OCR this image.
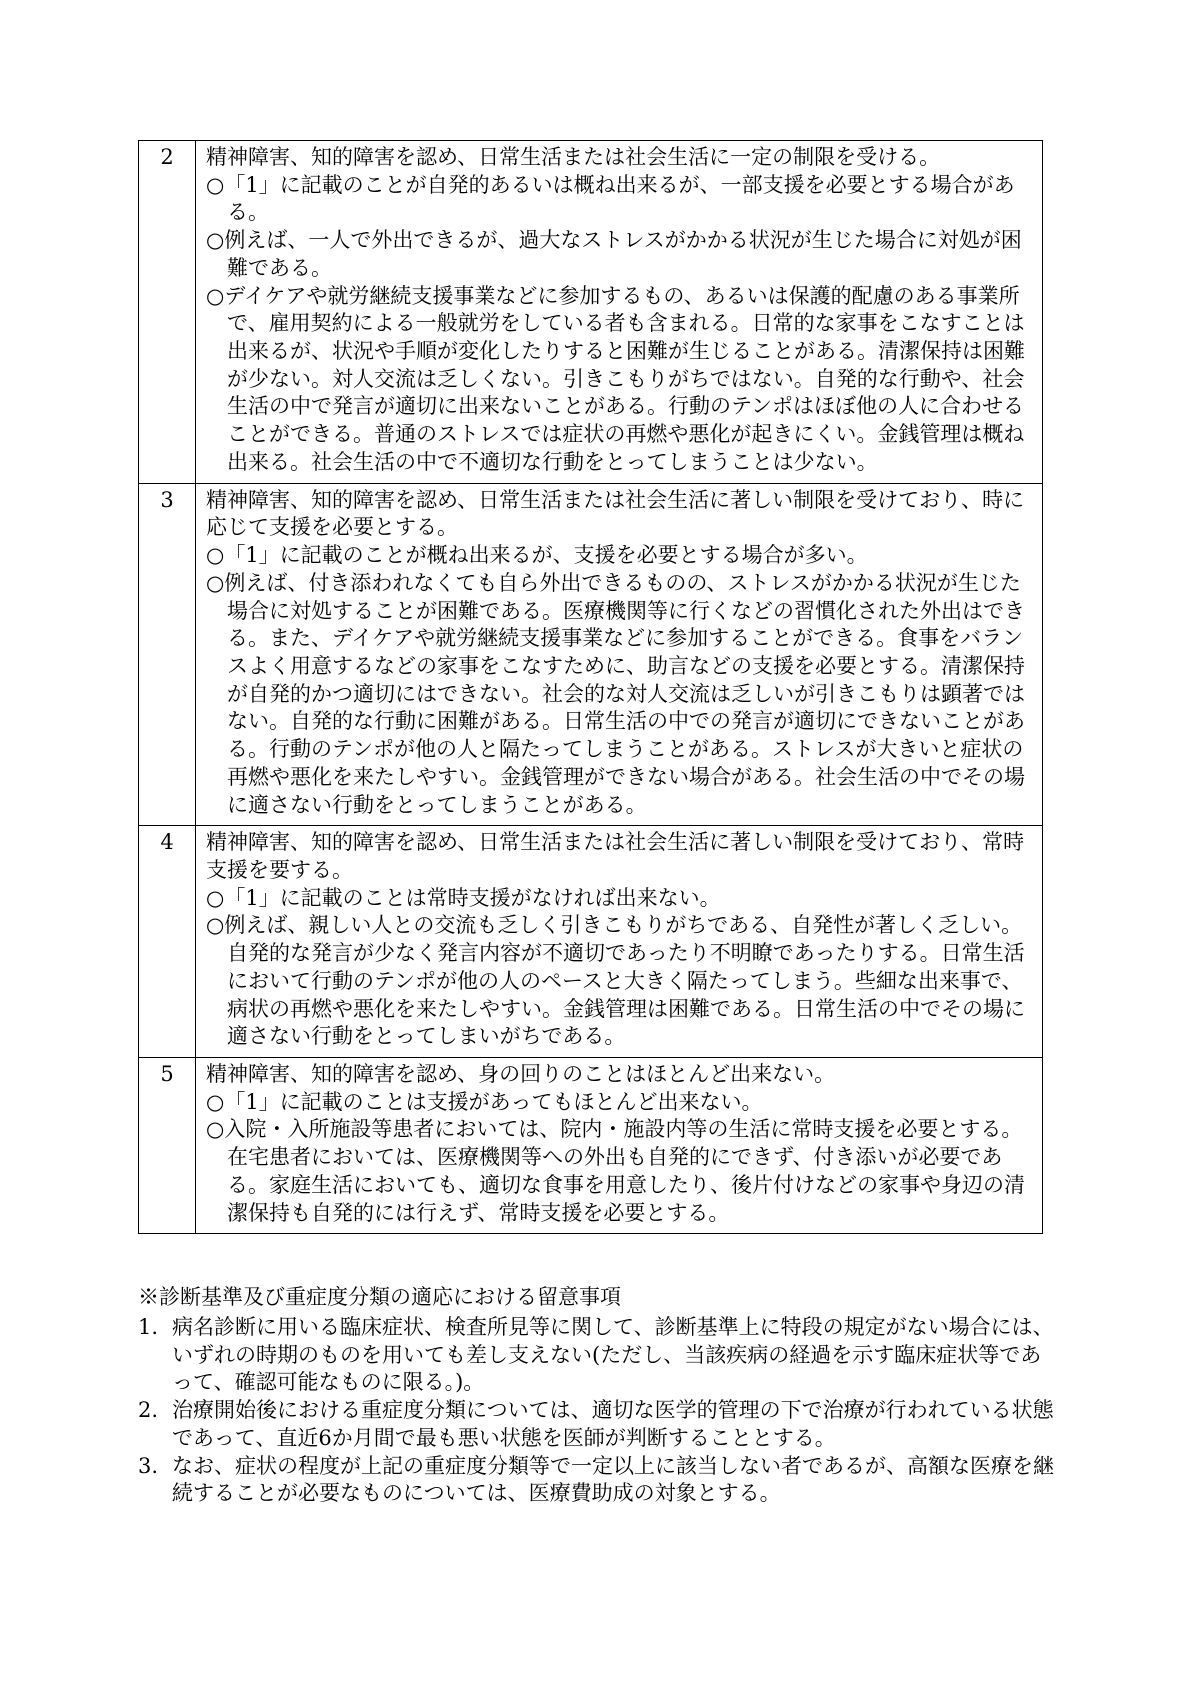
2	精神障害、知的障害を認め、日常生活または社会生活に一定の制限を受ける。
○「1」に記載のことが自発的あるいは概ね出来るが、一部支援を必要とする場合がある。
○例えば、一人で外出できるが、過大なストレスがかかる状況が生じた場合に対処が困難である。
○デイケアや就労継続支援事業などに参加するもの、あるいは保護的配慮のある事業所で、雇用契約による一般就労をしている者も含まれる。日常的な家事をこなすことは出来るが、状況や手順が変化したりすると困難が生じることがある。清潔保持は困難が少ない。対人交流は乏しくない。引きこもりがちではない。自発的な行動や、社会生活の中で発言が適切に出来ないことがある。行動のテンポはほぼ他の人に合わせることができる。普通のストレスでは症状の再燃や悪化が起きにくい。金銭管理は概ね出来る。社会生活の中で不適切な行動をとってしまうことは少ない。

3	精神障害、知的障害を認め、日常生活または社会生活に著しい制限を受けており、時に応じて支援を必要とする。
○「1」に記載のことが概ね出来るが、支援を必要とする場合が多い。
○例えば、付き添われなくても自ら外出できるものの、ストレスがかかる状況が生じた場合に対処することが困難である。医療機関等に行くなどの習慣化された外出はできる。また、デイケアや就労継続支援事業などに参加することができる。食事をバランスよく用意するなどの家事をこなすために、助言などの支援を必要とする。清潔保持が自発的かつ適切にはできない。社会的な対人交流は乏しいが引きこもりは顕著ではない。自発的な行動に困難がある。日常生活の中での発言が適切にできないことがある。行動のテンポが他の人と隔たってしまうことがある。ストレスが大きいと症状の再燃や悪化を来たしやすい。金銭管理ができない場合がある。社会生活の中でその場に適さない行動をとってしまうことがある。

4	精神障害、知的障害を認め、日常生活または社会生活に著しい制限を受けており、常時支援を要する。
○「1」に記載のことは常時支援がなければ出来ない。
○例えば、親しい人との交流も乏しく引きこもりがちである、自発性が著しく乏しい。自発的な発言が少なく発言内容が不適切であったり不明瞭であったりする。日常生活において行動のテンポが他の人のペースと大きく隔たってしまう。些細な出来事で、病状の再燃や悪化を来たしやすい。金銭管理は困難である。日常生活の中でその場に適さない行動をとってしまいがちである。

5	精神障害、知的障害を認め、身の回りのことはほとんど出来ない。
○「1」に記載のことは支援があってもほとんど出来ない。
○入院・入所施設等患者においては、院内・施設内等の生活に常時支援を必要とする。在宅患者においては、医療機関等への外出も自発的にできず、付き添いが必要である。家庭生活においても、適切な食事を用意したり、後片付けなどの家事や身辺の清潔保持も自発的には行えず、常時支援を必要とする。
※診断基準及び重症度分類の適応における留意事項
1. 病名診断に用いる臨床症状、検査所見等に関して、診断基準上に特段の規定がない場合には、いずれの時期のものを用いても差し支えない(ただし、当該疾病の経過を示す臨床症状等であって、確認可能なものに限る。)。
2. 治療開始後における重症度分類については、適切な医学的管理の下で治療が行われている状態であって、直近6か月間で最も悪い状態を医師が判断することとする。
3. なお、症状の程度が上記の重症度分類等で一定以上に該当しない者であるが、高額な医療を継続することが必要なものについては、医療費助成の対象とする。
